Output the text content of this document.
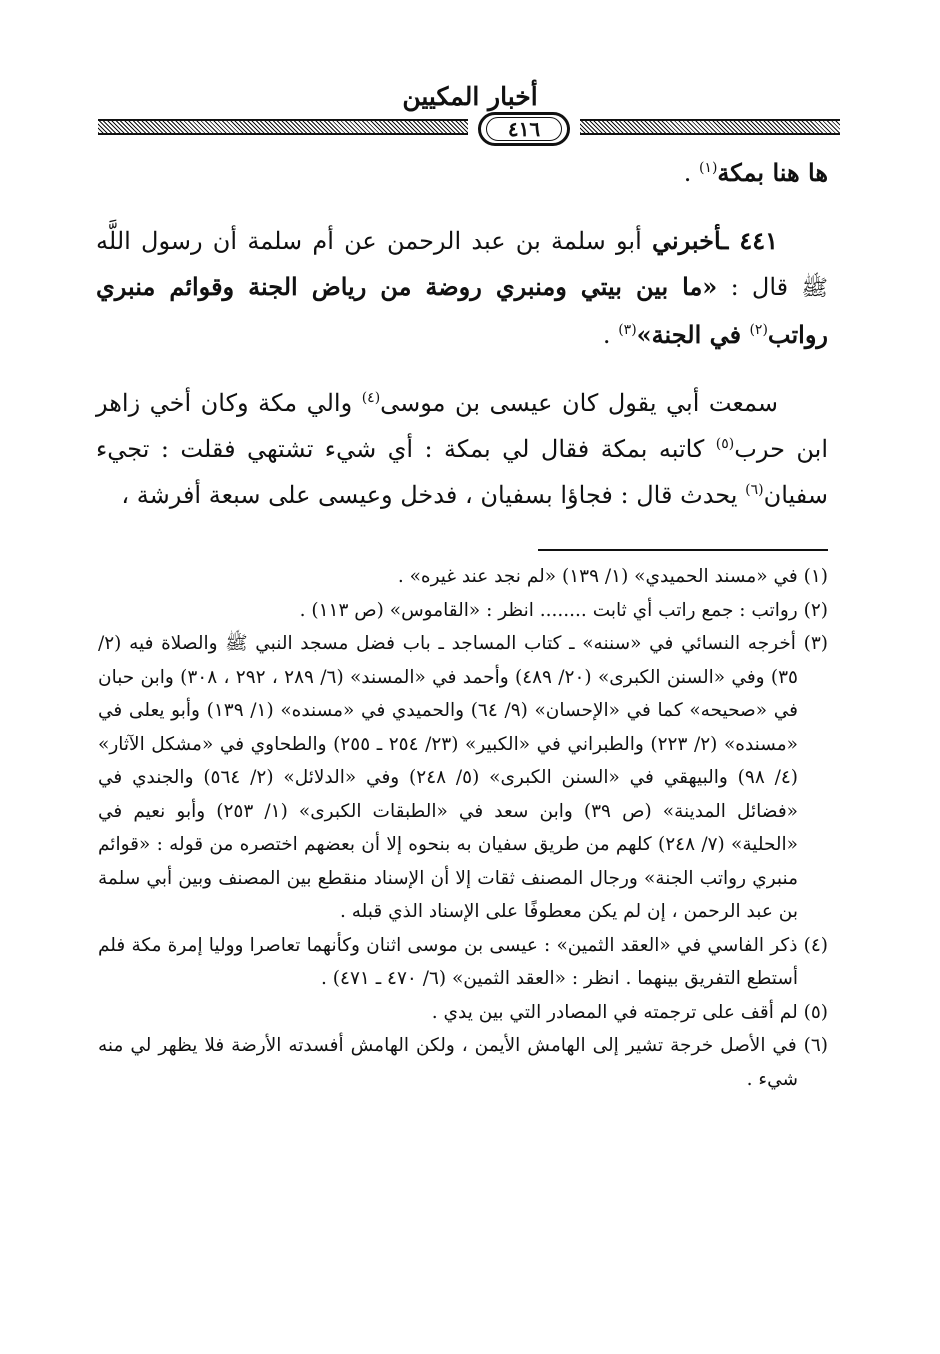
أخبار المكيين
٤١٦

ها هنا بمكة$^{(١)}$ .

٤٤١ ـأخبرني أبو سلمة بن عبد الرحمن عن أم سلمة أن رسول اللَّه ﷺ قال : «ما بين بيتي ومنبري روضة من رياض الجنة وقوائم منبري رواتب$^{(٢)}$ في الجنة»$^{(٣)}$ .

سمعت أبي يقول كان عيسى بن موسى$^{(٤)}$ والي مكة وكان أخي زاهر ابن حرب$^{(٥)}$ كاتبه بمكة فقال لي بمكة : أي شيء تشتهي فقلت : تجيء سفيان$^{(٦)}$ يحدث قال : فجاؤا بسفيان ، فدخل وعيسى على سبعة أفرشة ،

(١) في «مسند الحميدي» (١/ ١٣٩) «لم نجد عند غيره» .

(٢) رواتب : جمع راتب أي ثابت ........ انظر : «القاموس» (ص ١١٣) .

(٣) أخرجه النسائي في «سننه» ـ كتاب المساجد ـ باب فضل مسجد النبي ﷺ والصلاة فيه (٢/ ٣٥) وفي «السنن الكبرى» (٢٠/ ٤٨٩) وأحمد في «المسند» (٦/ ٢٨٩ ، ٢٩٢ ، ٣٠٨) وابن حبان في «صحيحه» كما في «الإحسان» (٩/ ٦٤) والحميدي في «مسنده» (١/ ١٣٩) وأبو يعلى في «مسنده» (٢/ ٢٢٣) والطبراني في «الكبير» (٢٣/ ٢٥٤ ـ ٢٥٥) والطحاوي في «مشكل الآثار» (٤/ ٩٨) والبيهقي في «السنن الكبرى» (٥/ ٢٤٨) وفي «الدلائل» (٢/ ٥٦٤) والجندي في «فضائل المدينة» (ص ٣٩) وابن سعد في «الطبقات الكبرى» (١/ ٢٥٣) وأبو نعيم في «الحلية» (٧/ ٢٤٨) كلهم من طريق سفيان به بنحوه إلا أن بعضهم اختصره من قوله : «قوائم منبري رواتب الجنة» ورجال المصنف ثقات إلا أن الإسناد منقطع بين المصنف وبين أبي سلمة بن عبد الرحمن ، إن لم يكن معطوفًا على الإسناد الذي قبله .

(٤) ذكر الفاسي في «العقد الثمين» : عيسى بن موسى اثنان وكأنهما تعاصرا ووليا إمرة مكة فلم أستطع التفريق بينهما . انظر : «العقد الثمين» (٦/ ٤٧٠ ـ ٤٧١) .

(٥) لم أقف على ترجمته في المصادر التي بين يدي .

(٦) في الأصل خرجة تشير إلى الهامش الأيمن ، ولكن الهامش أفسدته الأرضة فلا يظهر لي منه شيء .
